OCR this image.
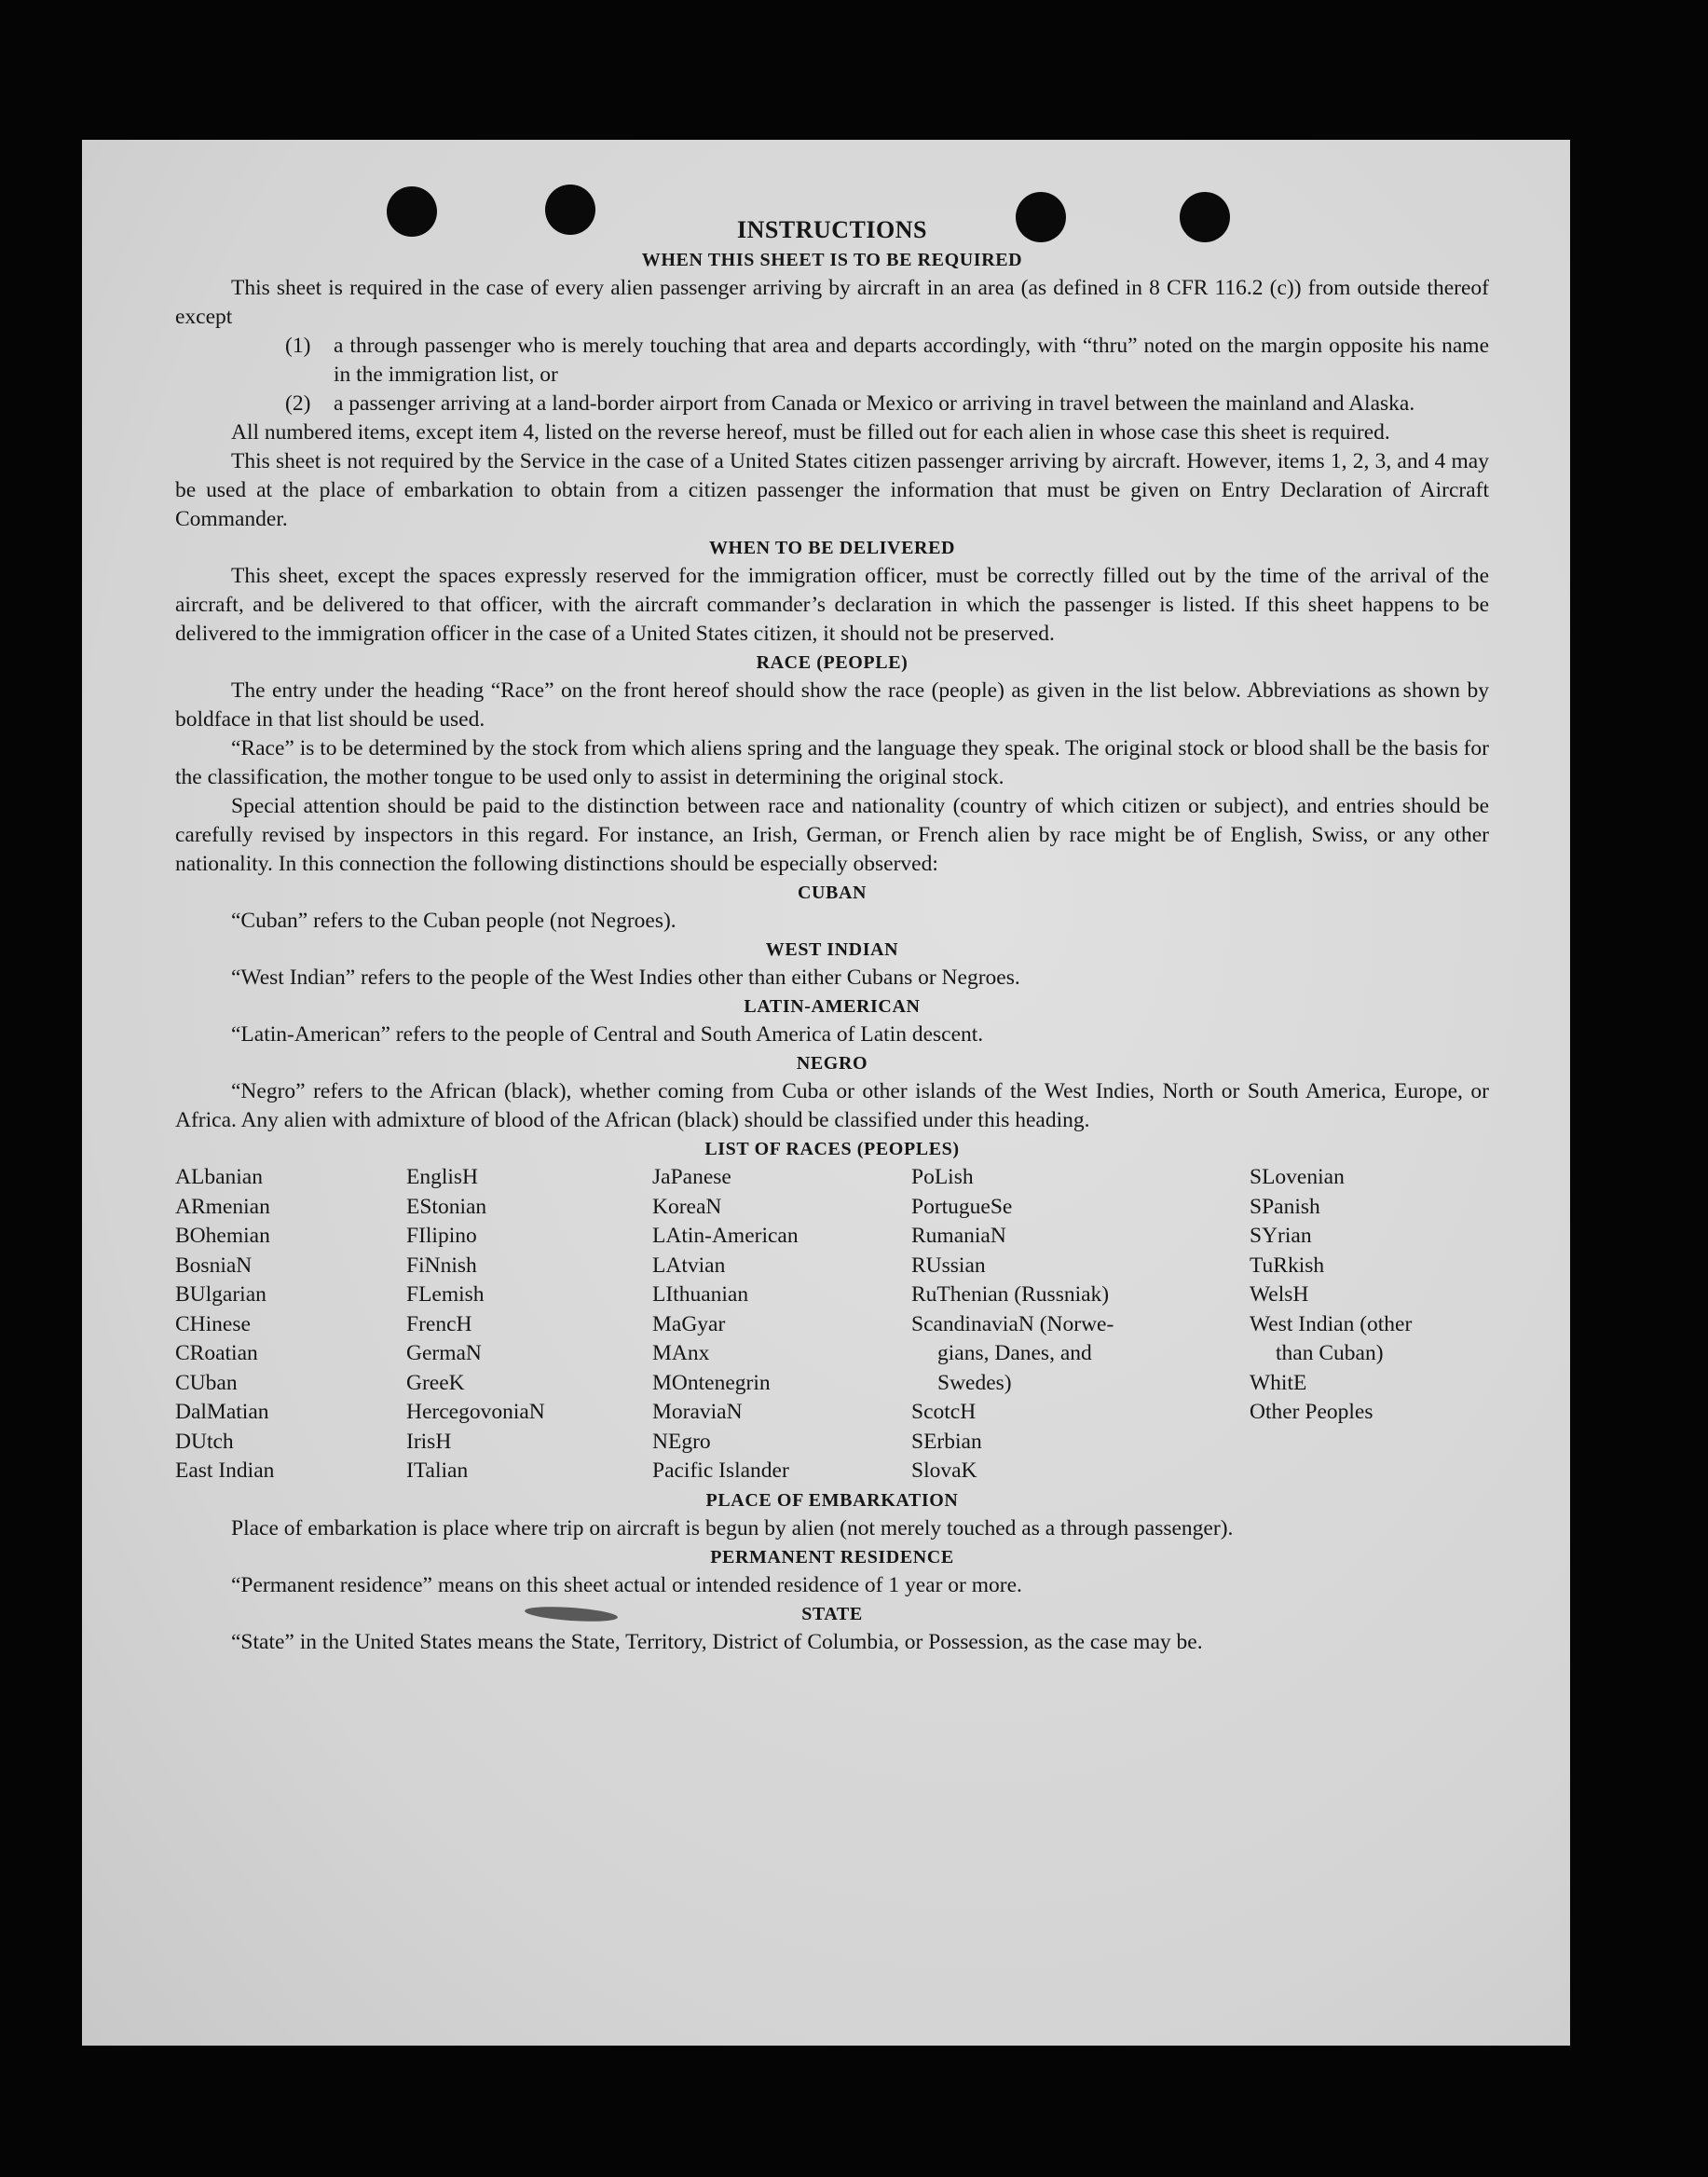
INSTRUCTIONS
WHEN THIS SHEET IS TO BE REQUIRED

This sheet is required in the case of every alien passenger arriving by aircraft in an area (as defined in 8 CFR 116.2 (c)) from outside thereof except

(1)	a through passenger who is merely touching that area and departs accordingly, with “thru” noted on the margin opposite his name in the immigration list, or
(2)	a passenger arriving at a land-border airport from Canada or Mexico or arriving in travel between the mainland and Alaska.

All numbered items, except item 4, listed on the reverse hereof, must be filled out for each alien in whose case this sheet is required.

This sheet is not required by the Service in the case of a United States citizen passenger arriving by aircraft. However, items 1, 2, 3, and 4 may be used at the place of embarkation to obtain from a citizen passenger the information that must be given on Entry Declaration of Aircraft Commander.

WHEN TO BE DELIVERED

This sheet, except the spaces expressly reserved for the immigration officer, must be correctly filled out by the time of the arrival of the aircraft, and be delivered to that officer, with the aircraft commander’s declaration in which the passenger is listed. If this sheet happens to be delivered to the immigration officer in the case of a United States citizen, it should not be preserved.

RACE (PEOPLE)

The entry under the heading “Race” on the front hereof should show the race (people) as given in the list below. Abbreviations as shown by boldface in that list should be used.

“Race” is to be determined by the stock from which aliens spring and the language they speak. The original stock or blood shall be the basis for the classification, the mother tongue to be used only to assist in determining the original stock.

Special attention should be paid to the distinction between race and nationality (country of which citizen or subject), and entries should be carefully revised by inspectors in this regard. For instance, an Irish, German, or French alien by race might be of English, Swiss, or any other nationality. In this connection the following distinctions should be especially observed:

CUBAN

“Cuban” refers to the Cuban people (not Negroes).

WEST INDIAN

“West Indian” refers to the people of the West Indies other than either Cubans or Negroes.

LATIN-AMERICAN

“Latin-American” refers to the people of Central and South America of Latin descent.

NEGRO

“Negro” refers to the African (black), whether coming from Cuba or other islands of the West Indies, North or South America, Europe, or Africa. Any alien with admixture of blood of the African (black) should be classified under this heading.

LIST OF RACES (PEOPLES)
ALbanian
ARmenian
BOhemian
BosniaN
BUlgarian
CHinese
CRoatian
CUban
DalMatian
DUtch
East Indian
EnglisH
EStonian
FIlipino
FiNnish
FLemish
FrencH
GermaN
GreeK
HercegovoniaN
IrisH
ITalian
JaPanese
KoreaN
LAtin-American
LAtvian
LIthuanian
MaGyar
MAnx
MOntenegrin
MoraviaN
NEgro
Pacific Islander
PoLish
PortugueSe
RumaniaN
RUssian
RuThenian (Russniak)
ScandinaviaN (Norwe-
gians, Danes, and
Swedes)
ScotcH
SErbian
SlovaK
SLovenian
SPanish
SYrian
TuRkish
WelsH
West Indian (other
than Cuban)
WhitE
Other Peoples
PLACE OF EMBARKATION

Place of embarkation is place where trip on aircraft is begun by alien (not merely touched as a through passenger).

PERMANENT RESIDENCE

“Permanent residence” means on this sheet actual or intended residence of 1 year or more.

STATE

“State” in the United States means the State, Territory, District of Columbia, or Possession, as the case may be.
